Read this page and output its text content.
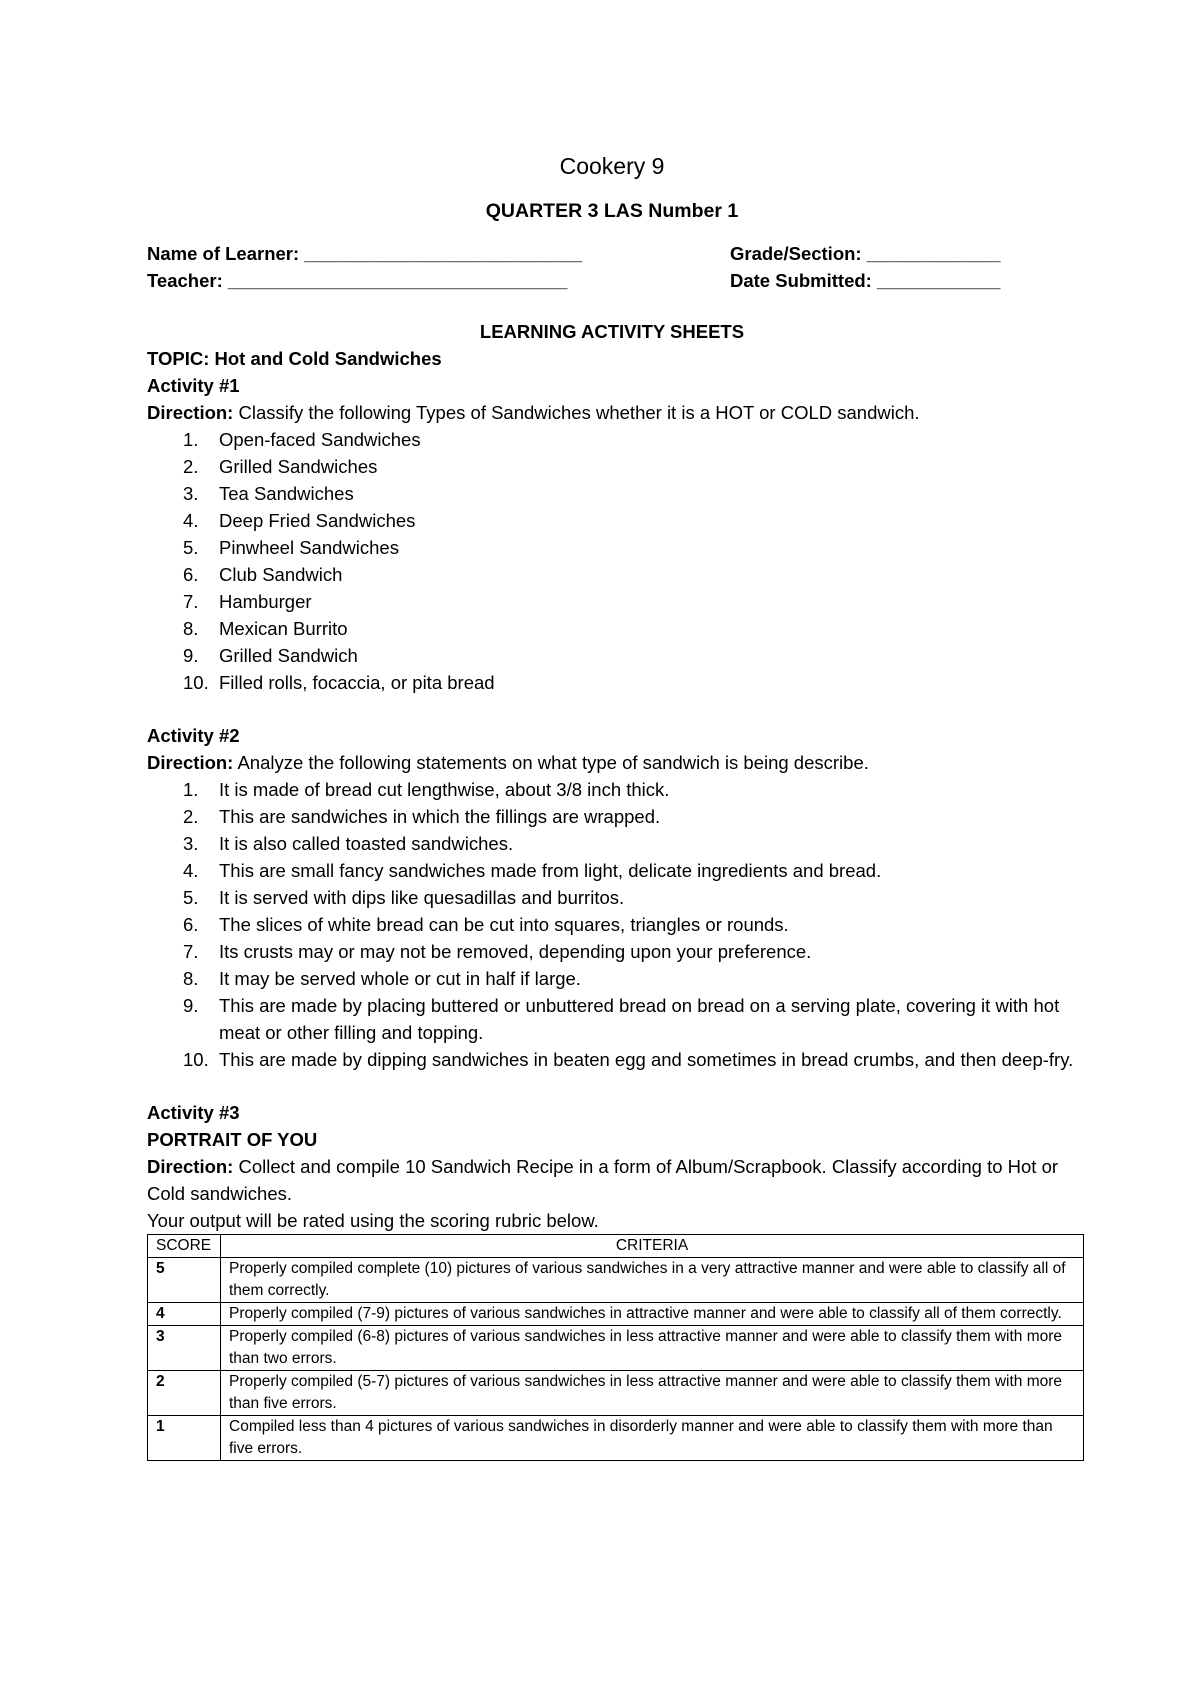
Cookery 9

QUARTER 3 LAS Number 1

Name of Learner: ___________________________	Grade/Section: _____________
Teacher: _________________________________	Date Submitted: ____________
LEARNING ACTIVITY SHEETS
TOPIC: Hot and Cold Sandwiches
Activity #1
Direction: Classify the following Types of Sandwiches whether it is a HOT or COLD sandwich.
1.	Open-faced Sandwiches
2.	Grilled Sandwiches
3.	Tea Sandwiches
4.	Deep Fried Sandwiches
5.	Pinwheel Sandwiches
6.	Club Sandwich
7.	Hamburger
8.	Mexican Burrito
9.	Grilled Sandwich
10. Filled rolls, focaccia, or pita bread
Activity #2
Direction: Analyze the following statements on what type of sandwich is being describe.
1.	It is made of bread cut lengthwise, about 3/8 inch thick.
2.	This are sandwiches in which the fillings are wrapped.
3.	It is also called toasted sandwiches.
4.	This are small fancy sandwiches made from light, delicate ingredients and bread.
5.	It is served with dips like quesadillas and burritos.
6.	The slices of white bread can be cut into squares, triangles or rounds.
7.	Its crusts may or may not be removed, depending upon your preference.
8.	It may be served whole or cut in half if large.
9.	This are made by placing buttered or unbuttered bread on bread on a serving plate, covering it with hot meat or other filling and topping.
10. This are made by dipping sandwiches in beaten egg and sometimes in bread crumbs, and then deep-fry.
Activity #3
PORTRAIT OF YOU
Direction: Collect and compile 10 Sandwich Recipe in a form of Album/Scrapbook. Classify according to Hot or Cold sandwiches.
Your output will be rated using the scoring rubric below.
SCORE	CRITERIA
5	Properly compiled complete (10) pictures of various sandwiches in a very attractive manner and were able to classify all of them correctly.
4	Properly compiled (7-9) pictures of various sandwiches in attractive manner and were able to classify all of them correctly.
3	Properly compiled (6-8) pictures of various sandwiches in less attractive manner and were able to classify them with more than two errors.
2	Properly compiled (5-7) pictures of various sandwiches in less attractive manner and were able to classify them with more than five errors.
1	Compiled less than 4 pictures of various sandwiches in disorderly manner and were able to classify them with more than five errors.
